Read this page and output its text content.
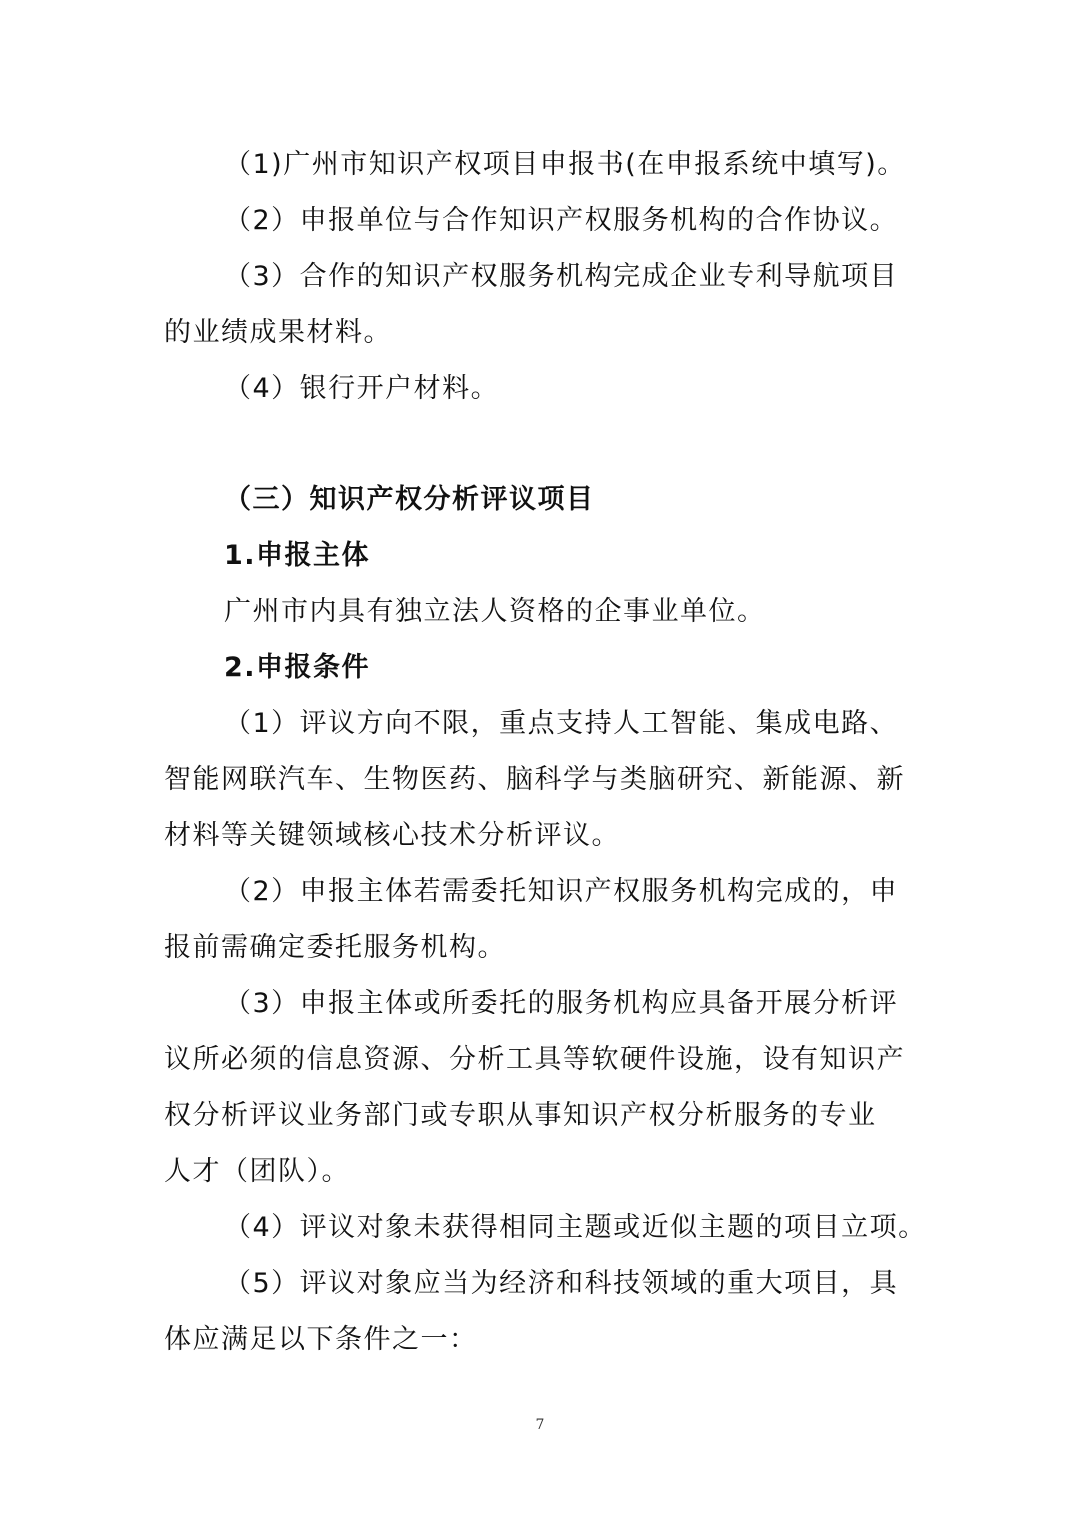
（1)广州市知识产权项目申报书(在申报系统中填写)。
（2）申报单位与合作知识产权服务机构的合作协议。
（3）合作的知识产权服务机构完成企业专利导航项目
的业绩成果材料。
（4）银行开户材料。
（三）知识产权分析评议项目
1.申报主体
广州市内具有独立法人资格的企事业单位。
2.申报条件
（1）评议方向不限，重点支持人工智能、集成电路、
智能网联汽车、生物医药、脑科学与类脑研究、新能源、新
材料等关键领域核心技术分析评议。
（2）申报主体若需委托知识产权服务机构完成的，申
报前需确定委托服务机构。
（3）申报主体或所委托的服务机构应具备开展分析评
议所必须的信息资源、分析工具等软硬件设施，设有知识产
权分析评议业务部门或专职从事知识产权分析服务的专业
人才（团队）。
（4）评议对象未获得相同主题或近似主题的项目立项。
（5）评议对象应当为经济和科技领域的重大项目，具
体应满足以下条件之一：
7
